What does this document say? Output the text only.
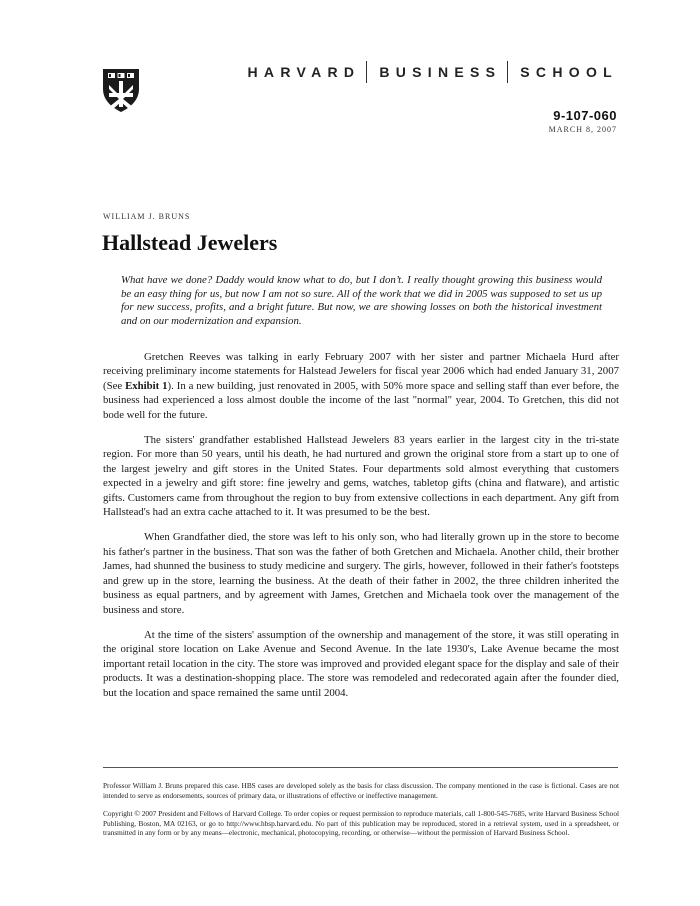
HARVARD BUSINESS SCHOOL
9-107-060
MARCH 8, 2007
WILLIAM J. BRUNS
Hallstead Jewelers

What have we done? Daddy would know what to do, but I don’t. I really thought growing this business would be an easy thing for us, but now I am not so sure. All of the work that we did in 2005 was supposed to set us up for new success, profits, and a bright future. But now, we are showing losses on both the historical investment and on our modernization and expansion.

Gretchen Reeves was talking in early February 2007 with her sister and partner Michaela Hurd after receiving preliminary income statements for Halstead Jewelers for fiscal year 2006 which had ended January 31, 2007 (See Exhibit 1). In a new building, just renovated in 2005, with 50% more space and selling staff than ever before, the business had experienced a loss almost double the income of the last "normal" year, 2004. To Gretchen, this did not bode well for the future.

The sisters' grandfather established Hallstead Jewelers 83 years earlier in the largest city in the tri-state region. For more than 50 years, until his death, he had nurtured and grown the original store from a start up to one of the largest jewelry and gift stores in the United States. Four departments sold almost everything that customers expected in a jewelry and gift store: fine jewelry and gems, watches, tabletop gifts (china and flatware), and artistic gifts. Customers came from throughout the region to buy from extensive collections in each department. Any gift from Hallstead's had an extra cache attached to it. It was presumed to be the best.

When Grandfather died, the store was left to his only son, who had literally grown up in the store to become his father's partner in the business. That son was the father of both Gretchen and Michaela. Another child, their brother James, had shunned the business to study medicine and surgery. The girls, however, followed in their father's footsteps and grew up in the store, learning the business. At the death of their father in 2002, the three children inherited the business as equal partners, and by agreement with James, Gretchen and Michaela took over the management of the business and store.

At the time of the sisters' assumption of the ownership and management of the store, it was still operating in the original store location on Lake Avenue and Second Avenue. In the late 1930's, Lake Avenue became the most important retail location in the city. The store was improved and provided elegant space for the display and sale of their products. It was a destination-shopping place. The store was remodeled and redecorated again after the founder died, but the location and space remained the same until 2004.

Professor William J. Bruns prepared this case. HBS cases are developed solely as the basis for class discussion. The company mentioned in the case is fictional. Cases are not intended to serve as endorsements, sources of primary data, or illustrations of effective or ineffective management.

Copyright © 2007 President and Fellows of Harvard College. To order copies or request permission to reproduce materials, call 1-800-545-7685, write Harvard Business School Publishing, Boston, MA 02163, or go to http://www.hbsp.harvard.edu. No part of this publication may be reproduced, stored in a retrieval system, used in a spreadsheet, or transmitted in any form or by any means—electronic, mechanical, photocopying, recording, or otherwise—without the permission of Harvard Business School.
